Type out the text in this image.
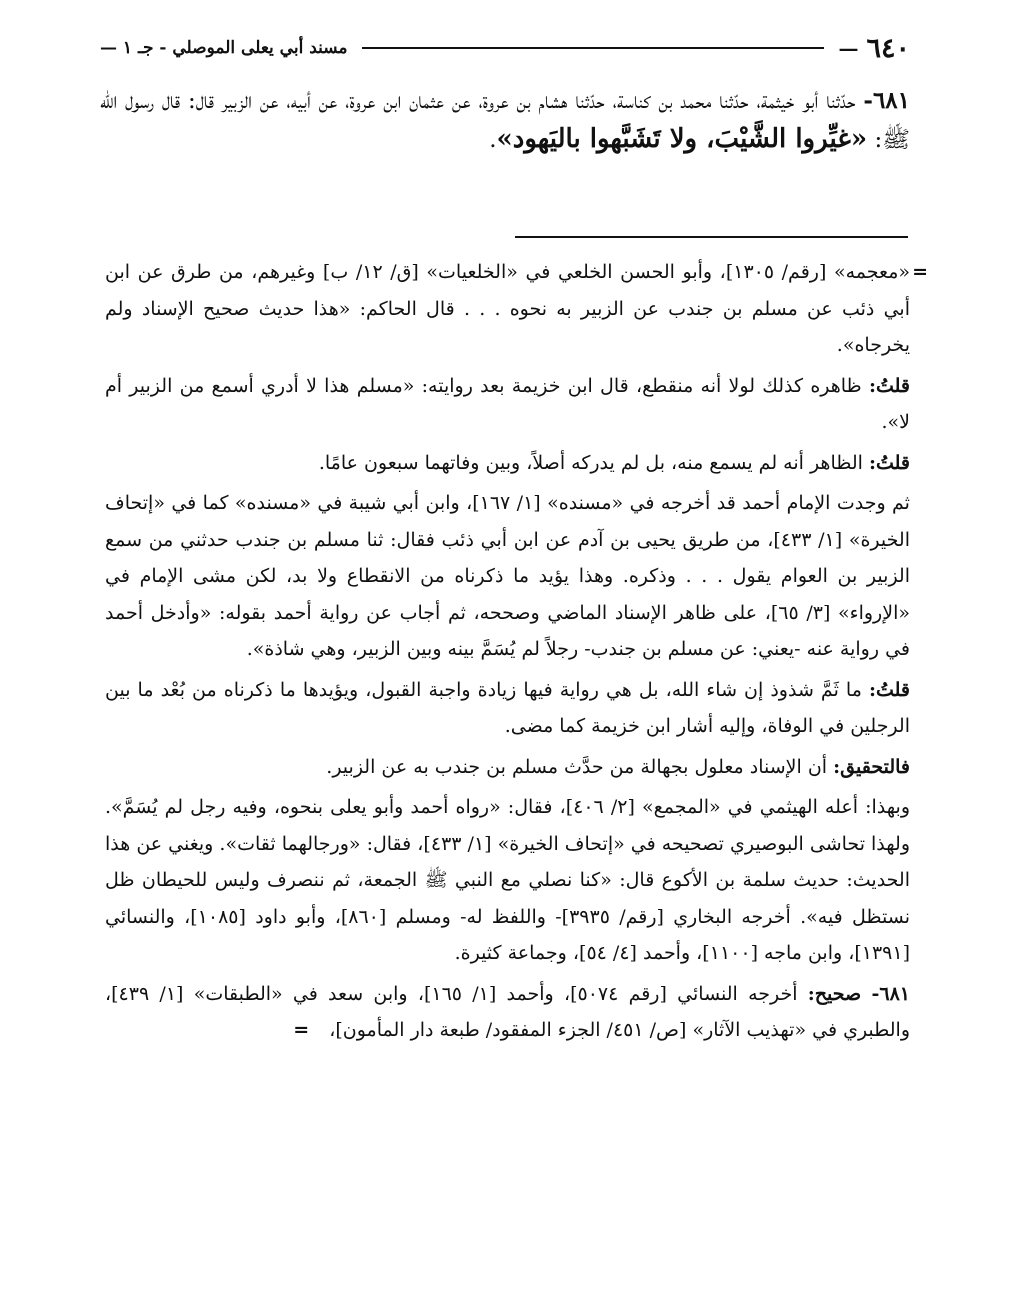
٦٤٠
—
مسند أبي يعلى الموصلي - جـ ١ —
٦٨١- حدّثنا أبو خيثمة، حدّثنا محمد بن كناسة، حدّثنا هشام بن عروة، عن عثمان ابن عروة، عن أبيه، عن الزبير قال: قال رسول الله ﷺ: «غيِّروا الشَّيْبَ، ولا تَشَبَّهوا باليَهود».

=
«معجمه» [رقم/ ١٣٠٥]، وأبو الحسن الخلعي في «الخلعيات» [ق/ ١٢/ ب] وغيرهم، من طرق عن ابن أبي ذئب عن مسلم بن جندب عن الزبير به نحوه . . . قال الحاكم: «هذا حديث صحيح الإسناد ولم يخرجاه».

قلتُ: ظاهره كذلك لولا أنه منقطع، قال ابن خزيمة بعد روايته: «مسلم هذا لا أدري أسمع من الزبير أم لا».

قلتُ: الظاهر أنه لم يسمع منه، بل لم يدركه أصلاً، وبين وفاتهما سبعون عامًا.

ثم وجدت الإمام أحمد قد أخرجه في «مسنده» [١/ ١٦٧]، وابن أبي شيبة في «مسنده» كما في «إتحاف الخيرة» [١/ ٤٣٣]، من طريق يحيى بن آدم عن ابن أبي ذئب فقال: ثنا مسلم بن جندب حدثني من سمع الزبير بن العوام يقول . . . وذكره. وهذا يؤيد ما ذكرناه من الانقطاع ولا بد، لكن مشى الإمام في «الإرواء» [٣/ ٦٥]، على ظاهر الإسناد الماضي وصححه، ثم أجاب عن رواية أحمد بقوله: «وأدخل أحمد في رواية عنه -يعني: عن مسلم بن جندب- رجلاً لم يُسَمَّ بينه وبين الزبير، وهي شاذة».

قلتُ: ما ثَمَّ شذوذ إن شاء الله، بل هي رواية فيها زيادة واجبة القبول، ويؤيدها ما ذكرناه من بُعْد ما بين الرجلين في الوفاة، وإليه أشار ابن خزيمة كما مضى.

فالتحقيق: أن الإسناد معلول بجهالة من حدَّث مسلم بن جندب به عن الزبير.

وبهذا: أعله الهيثمي في «المجمع» [٢/ ٤٠٦]، فقال: «رواه أحمد وأبو يعلى بنحوه، وفيه رجل لم يُسَمَّ». ولهذا تحاشى البوصيري تصحيحه في «إتحاف الخيرة» [١/ ٤٣٣]، فقال: «ورجالهما ثقات». ويغني عن هذا الحديث: حديث سلمة بن الأكوع قال: «كنا نصلي مع النبي ﷺ الجمعة، ثم ننصرف وليس للحيطان ظل نستظل فيه». أخرجه البخاري [رقم/ ٣٩٣٥]- واللفظ له- ومسلم [٨٦٠]، وأبو داود [١٠٨٥]، والنسائي [١٣٩١]، وابن ماجه [١١٠٠]، وأحمد [٤/ ٥٤]، وجماعة كثيرة.

٦٨١- صحيح: أخرجه النسائي [رقم ٥٠٧٤]، وأحمد [١/ ١٦٥]، وابن سعد في «الطبقات» [١/ ٤٣٩]، والطبري في «تهذيب الآثار» [ص/ ٤٥١/ الجزء المفقود/ طبعة دار المأمون]، =
